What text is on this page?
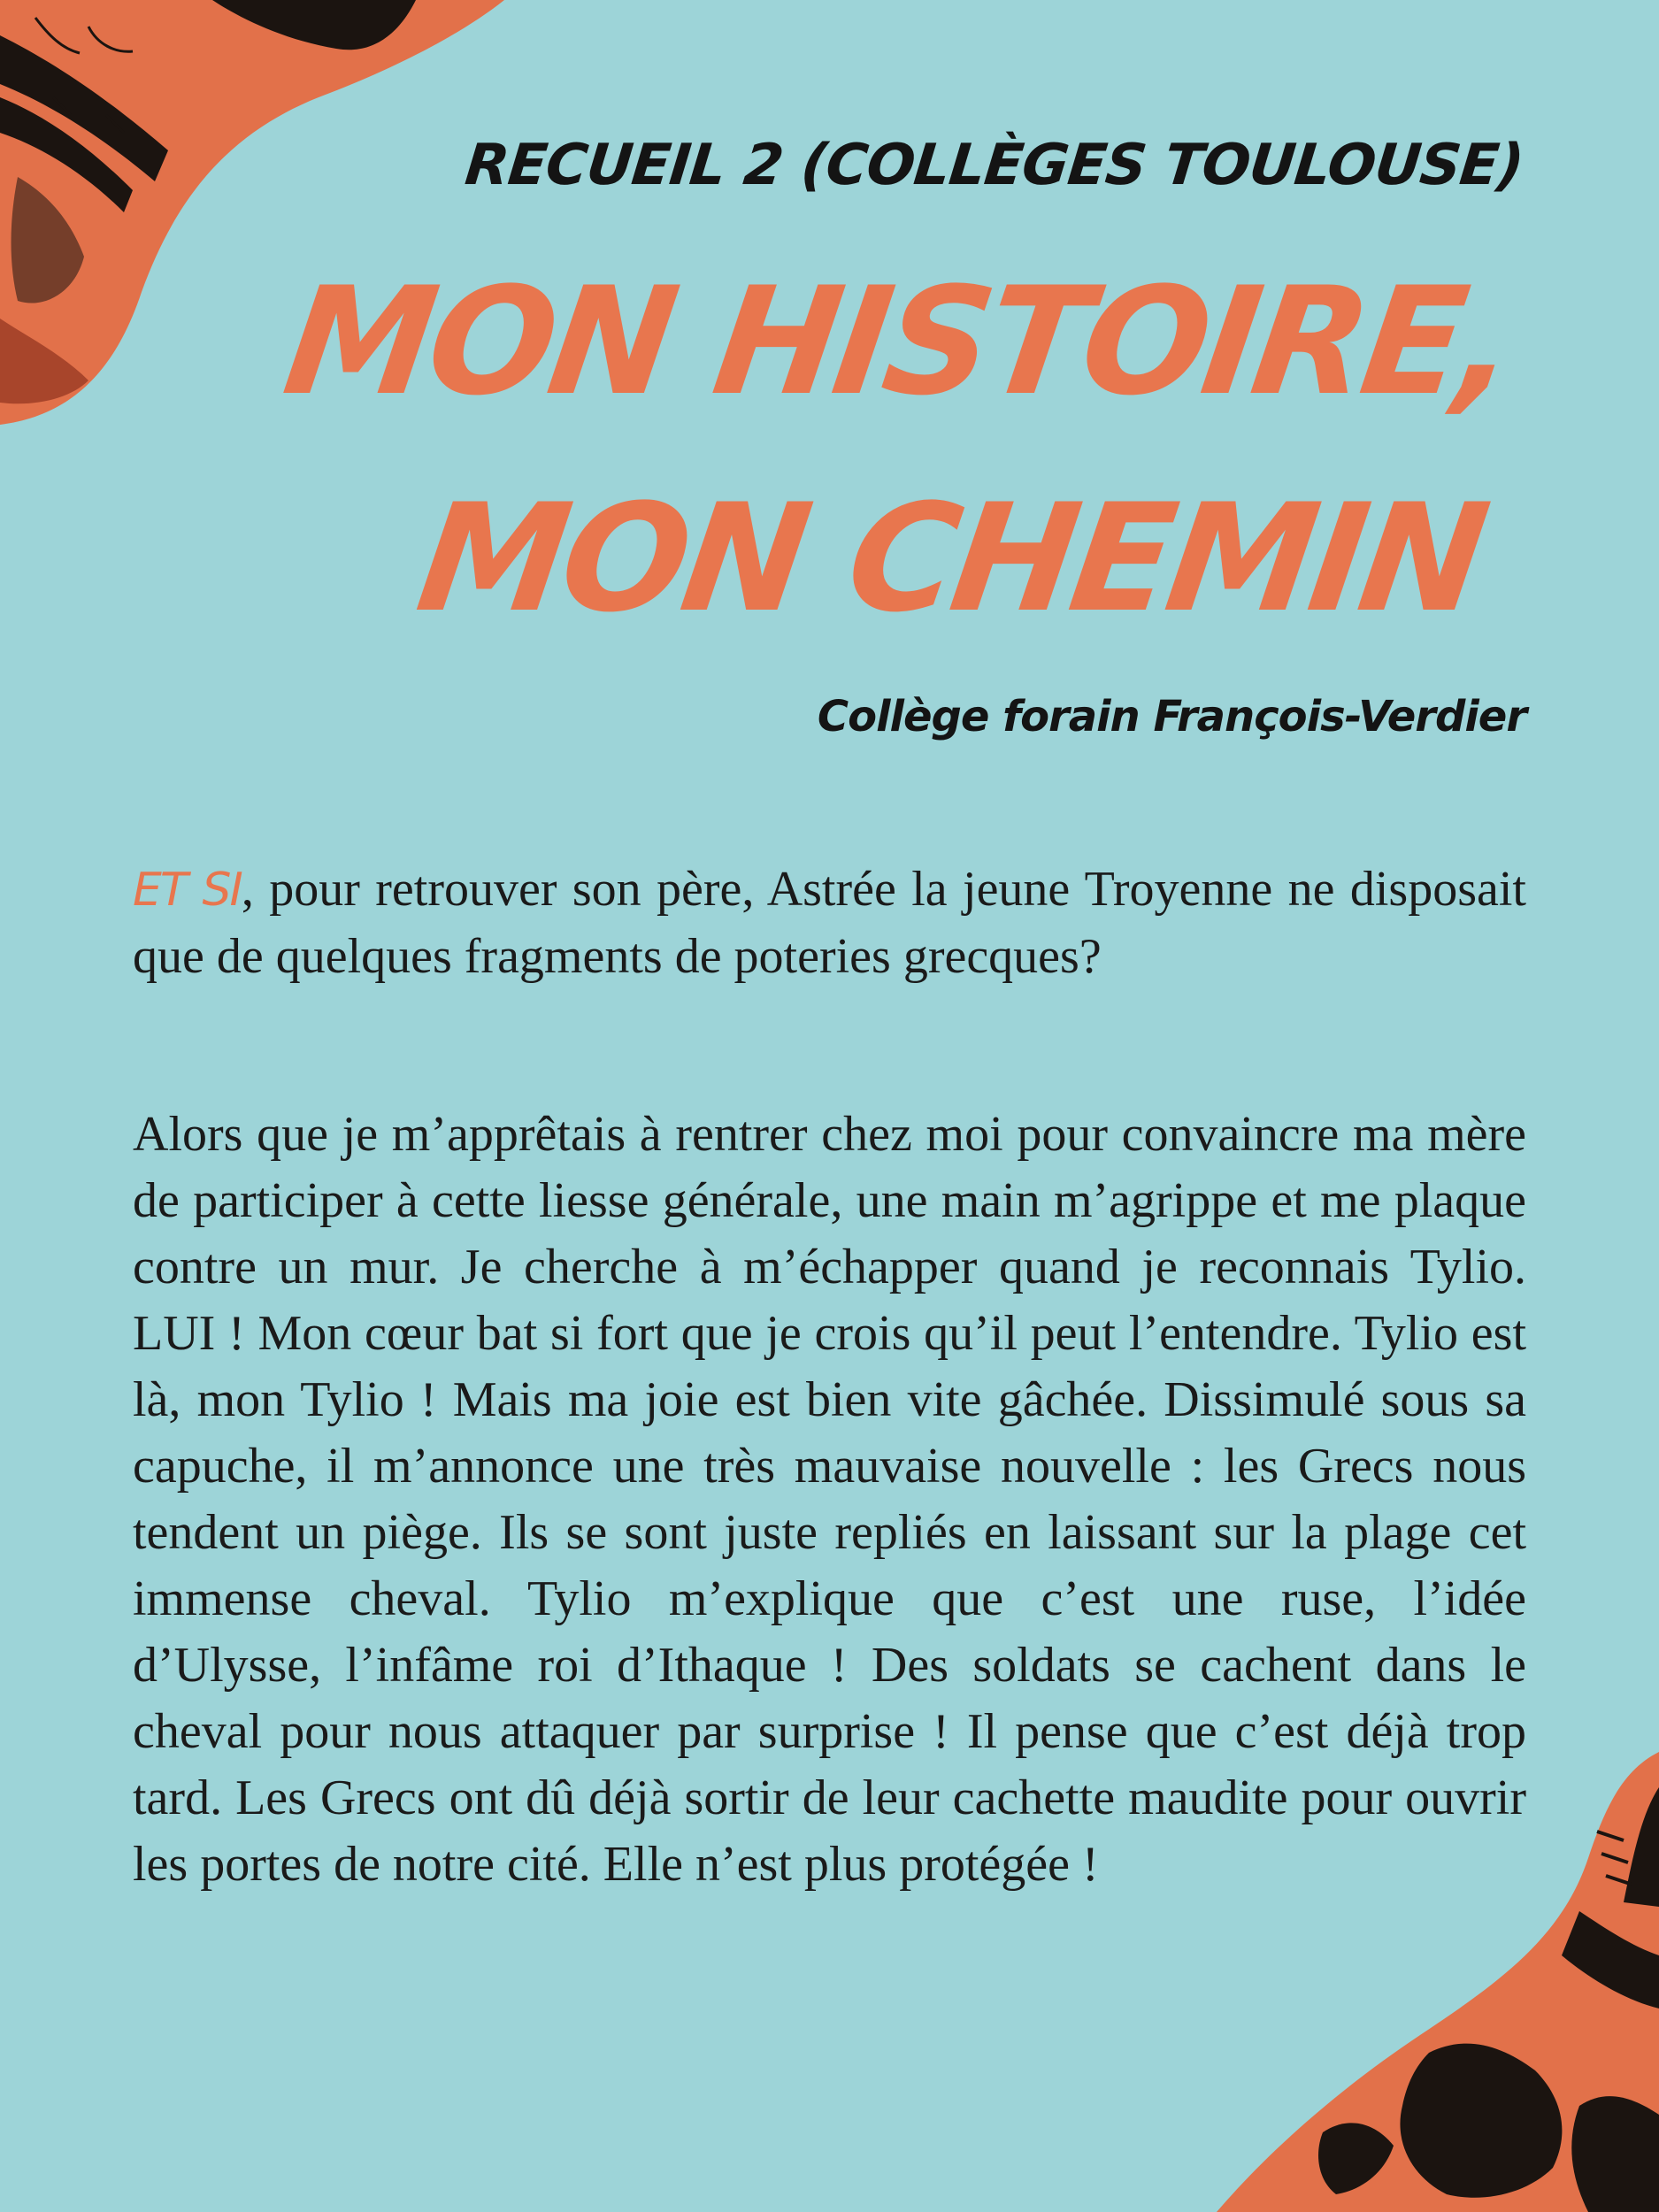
RECUEIL 2 (COLLÈGES TOULOUSE)
MON HISTOIRE,
MON CHEMIN
Collège forain François-Verdier

ET SI, pour retrouver son père, Astrée la jeune Troyenne ne disposait que de quelques fragments de poteries grecques?

Alors que je m’apprêtais à rentrer chez moi pour convaincre ma mère de participer à cette liesse générale, une main m’agrippe et me plaque contre un mur. Je cherche à m’échapper quand je reconnais Tylio. LUI ! Mon cœur bat si fort que je crois qu’il peut l’entendre. Tylio est là, mon Tylio ! Mais ma joie est bien vite gâchée. Dissimulé sous sa capuche, il m’annonce une très mauvaise nouvelle : les Grecs nous tendent un piège. Ils se sont juste repliés en laissant sur la plage cet immense cheval. Tylio m’explique que c’est une ruse, l’idée d’Ulysse, l’infâme roi d’Ithaque ! Des soldats se cachent dans le cheval pour nous attaquer par surprise ! Il pense que c’est déjà trop tard. Les Grecs ont dû déjà sortir de leur cachette maudite pour ouvrir les portes de notre cité. Elle n’est plus protégée !
